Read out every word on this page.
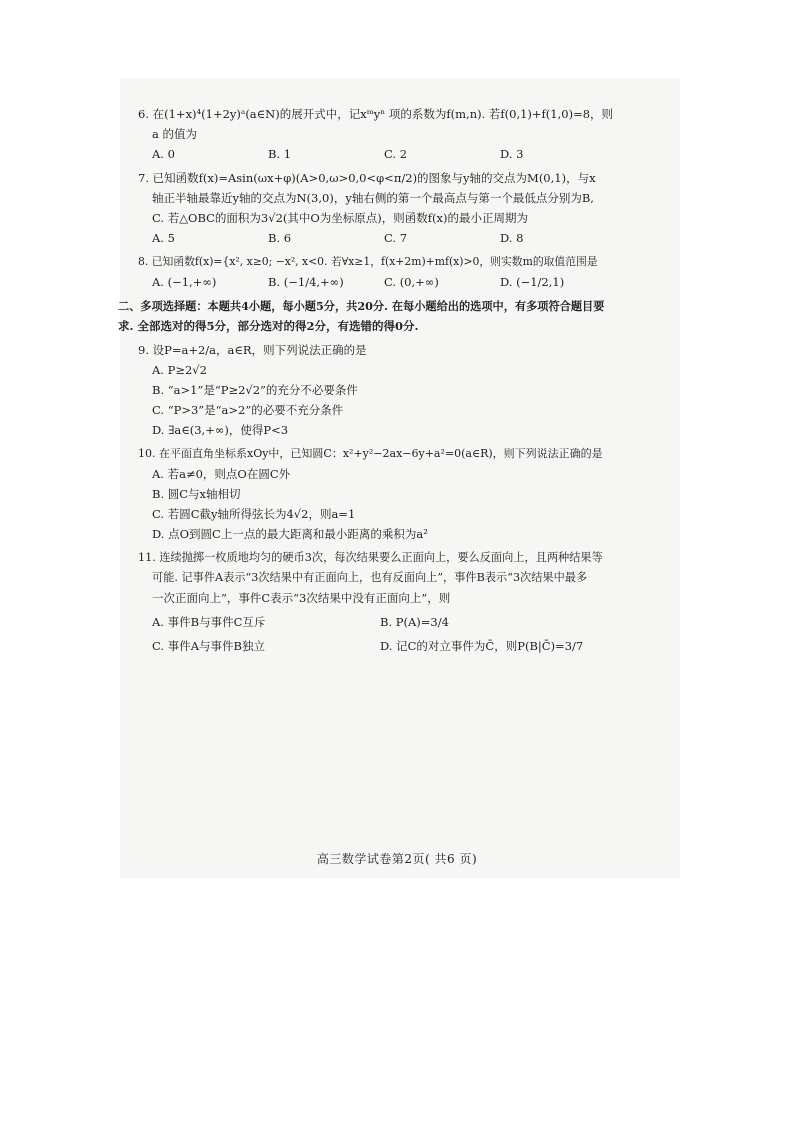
6. 在(1+x)⁴(1+2y)ᵃ(a∈N)的展开式中，记xᵐyⁿ 项的系数为f(m,n). 若f(0,1)+f(1,0)=8，则
a 的值为
A. 0	B. 1	C. 2	D. 3
7. 已知函数f(x)=Asin(ωx+φ)(A>0,ω>0,0<φ<π/2)的图象与y轴的交点为M(0,1)，与x
轴正半轴最靠近y轴的交点为N(3,0)，y轴右侧的第一个最高点与第一个最低点分别为B,
C. 若△OBC的面积为3√2(其中O为坐标原点)，则函数f(x)的最小正周期为
A. 5	B. 6	C. 7	D. 8
8. 已知函数f(x)={x², x≥0; −x², x<0. 若∀x≥1，f(x+2m)+mf(x)>0，则实数m的取值范围是
A. (−1,+∞)	B. (−1/4,+∞)	C. (0,+∞)	D. (−1/2,1)
二、多项选择题：本题共4小题，每小题5分，共20分. 在每小题给出的选项中，有多项符合题目要
求. 全部选对的得5分，部分选对的得2分，有选错的得0分.
9. 设P=a+2/a，a∈R，则下列说法正确的是
A. P≥2√2
B. “a>1”是“P≥2√2”的充分不必要条件
C. “P>3”是“a>2”的必要不充分条件
D. ∃a∈(3,+∞)，使得P<3
10. 在平面直角坐标系xOy中，已知圆C：x²+y²−2ax−6y+a²=0(a∈R)，则下列说法正确的是
A. 若a≠0，则点O在圆C外
B. 圆C与x轴相切
C. 若圆C截y轴所得弦长为4√2，则a=1
D. 点O到圆C上一点的最大距离和最小距离的乘积为a²
11. 连续抛掷一枚质地均匀的硬币3次，每次结果要么正面向上，要么反面向上，且两种结果等
可能. 记事件A表示“3次结果中有正面向上，也有反面向上”，事件B表示“3次结果中最多
一次正面向上”，事件C表示“3次结果中没有正面向上”，则
A. 事件B与事件C互斥	B. P(A)=3/4
C. 事件A与事件B独立	D. 记C的对立事件为C̄，则P(B|C̄)=3/7
高三数学试卷第2页( 共6 页)
